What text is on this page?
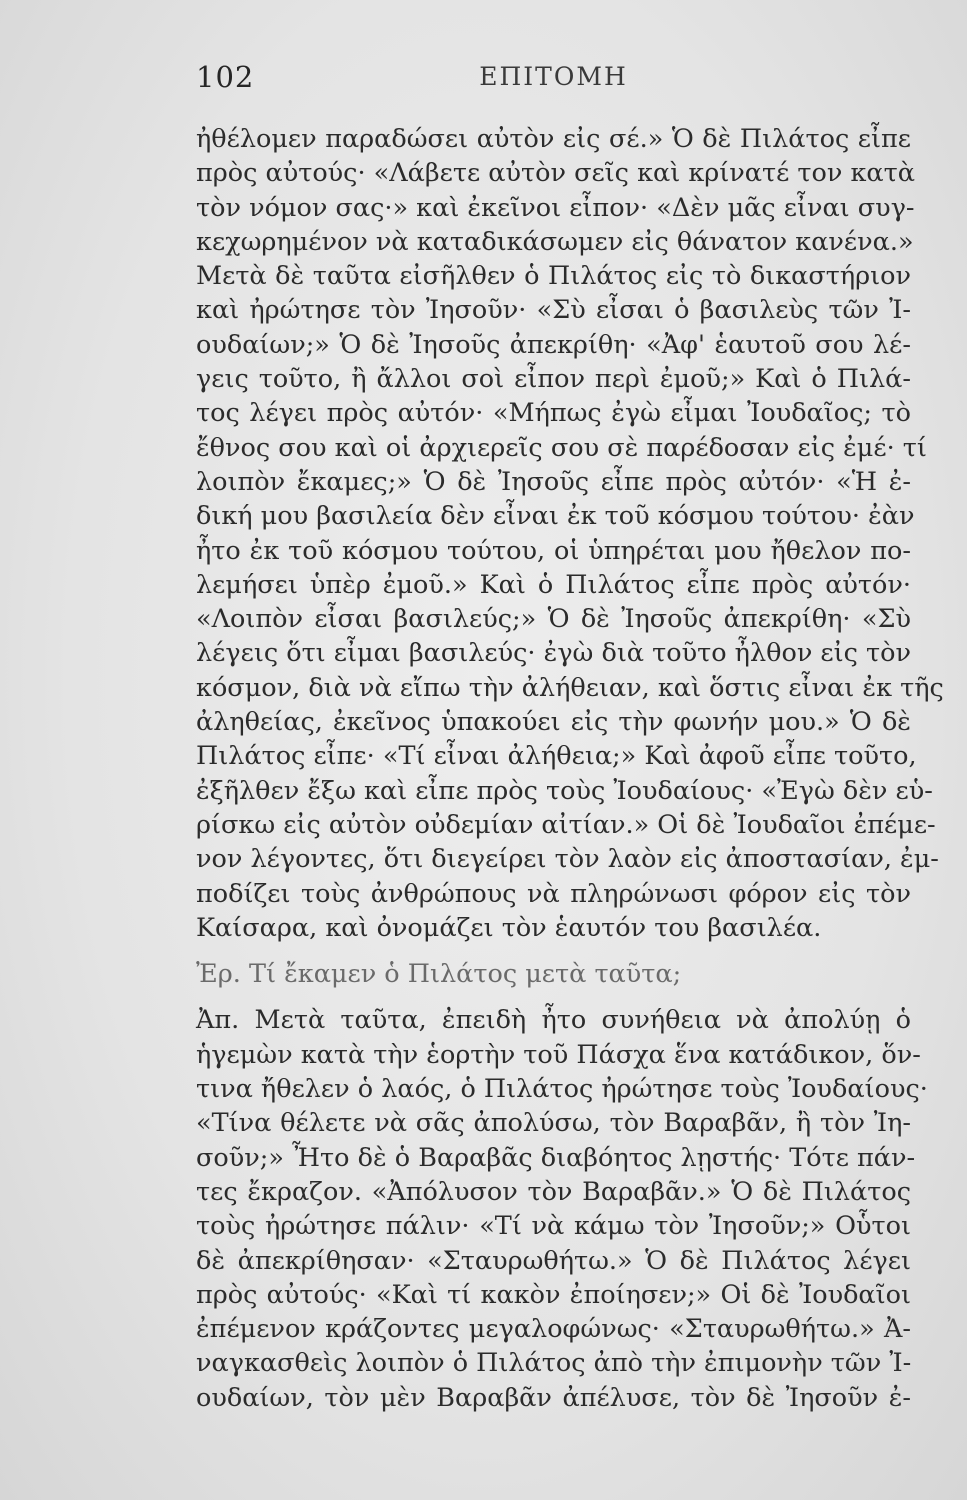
102	ΕΠΙΤΟΜΗ
ἠθέλομεν παραδώσει αὐτὸν εἰς σέ.» Ὁ δὲ Πιλάτος εἶπε
πρὸς αὐτούς· «Λάβετε αὐτὸν σεῖς καὶ κρίνατέ τον κατὰ
τὸν νόμον σας·» καὶ ἐκεῖνοι εἶπον· «Δὲν μᾶς εἶναι συγ-
κεχωρημένον νὰ καταδικάσωμεν εἰς θάνατον κανένα.»
Μετὰ δὲ ταῦτα εἰσῆλθεν ὁ Πιλάτος εἰς τὸ δικαστήριον
καὶ ἠρώτησε τὸν Ἰησοῦν· «Σὺ εἶσαι ὁ βασιλεὺς τῶν Ἰ-
ουδαίων;» Ὁ δὲ Ἰησοῦς ἀπεκρίθη· «Ἀφ' ἑαυτοῦ σου λέ-
γεις τοῦτο, ἢ ἄλλοι σοὶ εἶπον περὶ ἐμοῦ;» Καὶ ὁ Πιλά-
τος λέγει πρὸς αὐτόν· «Μήπως ἐγὼ εἶμαι Ἰουδαῖος; τὸ
ἔθνος σου καὶ οἱ ἀρχιερεῖς σου σὲ παρέδοσαν εἰς ἐμέ· τί
λοιπὸν ἔκαμες;» Ὁ δὲ Ἰησοῦς εἶπε πρὸς αὐτόν· «Ἡ ἐ-
δική μου βασιλεία δὲν εἶναι ἐκ τοῦ κόσμου τούτου· ἐὰν
ἦτο ἐκ τοῦ κόσμου τούτου, οἱ ὑπηρέται μου ἤθελον πο-
λεμήσει ὑπὲρ ἐμοῦ.» Καὶ ὁ Πιλάτος εἶπε πρὸς αὐτόν·
«Λοιπὸν εἶσαι βασιλεύς;» Ὁ δὲ Ἰησοῦς ἀπεκρίθη· «Σὺ
λέγεις ὅτι εἶμαι βασιλεύς· ἐγὼ διὰ τοῦτο ἦλθον εἰς τὸν
κόσμον, διὰ νὰ εἴπω τὴν ἀλήθειαν, καὶ ὅστις εἶναι ἐκ τῆς
ἀληθείας, ἐκεῖνος ὑπακούει εἰς τὴν φωνήν μου.» Ὁ δὲ
Πιλάτος εἶπε· «Τί εἶναι ἀλήθεια;» Καὶ ἀφοῦ εἶπε τοῦτο,
ἐξῆλθεν ἔξω καὶ εἶπε πρὸς τοὺς Ἰουδαίους· «Ἐγὼ δὲν εὑ-
ρίσκω εἰς αὐτὸν οὐδεμίαν αἰτίαν.» Οἱ δὲ Ἰουδαῖοι ἐπέμε-
νον λέγοντες, ὅτι διεγείρει τὸν λαὸν εἰς ἀποστασίαν, ἐμ-
ποδίζει τοὺς ἀνθρώπους νὰ πληρώνωσι φόρον εἰς τὸν
Καίσαρα, καὶ ὀνομάζει τὸν ἑαυτόν του βασιλέα.
Ἐρ. Τί ἔκαμεν ὁ Πιλάτος μετὰ ταῦτα;
Ἀπ. Μετὰ ταῦτα, ἐπειδὴ ἦτο συνήθεια νὰ ἀπολύῃ ὁ
ἡγεμὼν κατὰ τὴν ἑορτὴν τοῦ Πάσχα ἕνα κατάδικον, ὅν-
τινα ἤθελεν ὁ λαός, ὁ Πιλάτος ἠρώτησε τοὺς Ἰουδαίους·
«Τίνα θέλετε νὰ σᾶς ἀπολύσω, τὸν Βαραβᾶν, ἢ τὸν Ἰη-
σοῦν;» Ἦτο δὲ ὁ Βαραβᾶς διαβόητος λῃστής· Τότε πάν-
τες ἔκραζον. «Ἀπόλυσον τὸν Βαραβᾶν.» Ὁ δὲ Πιλάτος
τοὺς ἠρώτησε πάλιν· «Τί νὰ κάμω τὸν Ἰησοῦν;» Οὗτοι
δὲ ἀπεκρίθησαν· «Σταυρωθήτω.» Ὁ δὲ Πιλάτος λέγει
πρὸς αὐτούς· «Καὶ τί κακὸν ἐποίησεν;» Οἱ δὲ Ἰουδαῖοι
ἐπέμενον κράζοντες μεγαλοφώνως· «Σταυρωθήτω.» Ἀ-
ναγκασθεὶς λοιπὸν ὁ Πιλάτος ἀπὸ τὴν ἐπιμονὴν τῶν Ἰ-
ουδαίων, τὸν μὲν Βαραβᾶν ἀπέλυσε, τὸν δὲ Ἰησοῦν ἐ-
